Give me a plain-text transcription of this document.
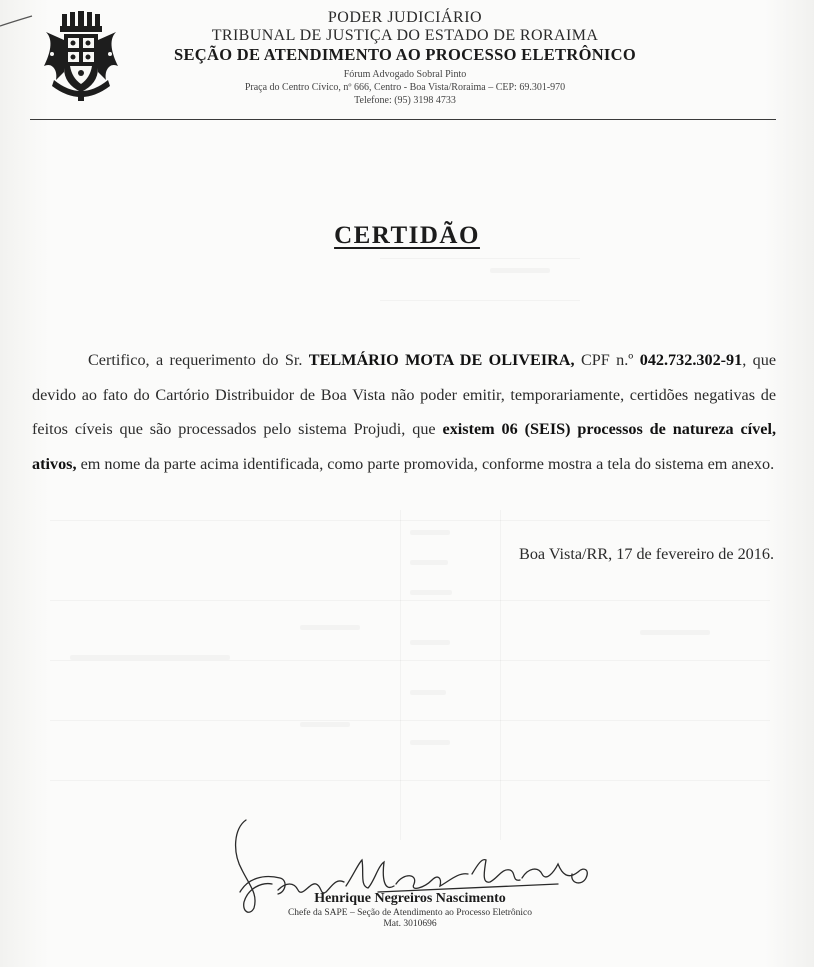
PODER JUDICIÁRIO
TRIBUNAL DE JUSTIÇA DO ESTADO DE RORAIMA
SEÇÃO DE ATENDIMENTO AO PROCESSO ELETRÔNICO
Fórum Advogado Sobral Pinto
Praça do Centro Cívico, nº 666, Centro - Boa Vista/Roraima – CEP: 69.301-970
Telefone: (95) 3198 4733
CERTIDÃO
Certifico, a requerimento do Sr. TELMÁRIO MOTA DE OLIVEIRA, CPF n.º 042.732.302-91, que devido ao fato do Cartório Distribuidor de Boa Vista não poder emitir, temporariamente, certidões negativas de feitos cíveis que são processados pelo sistema Projudi, que existem 06 (SEIS) processos de natureza cível, ativos, em nome da parte acima identificada, como parte promovida, conforme mostra a tela do sistema em anexo.
Boa Vista/RR, 17 de fevereiro de 2016.
Henrique Negreiros Nascimento
Chefe da SAPE – Seção de Atendimento ao Processo Eletrônico
Mat. 3010696
